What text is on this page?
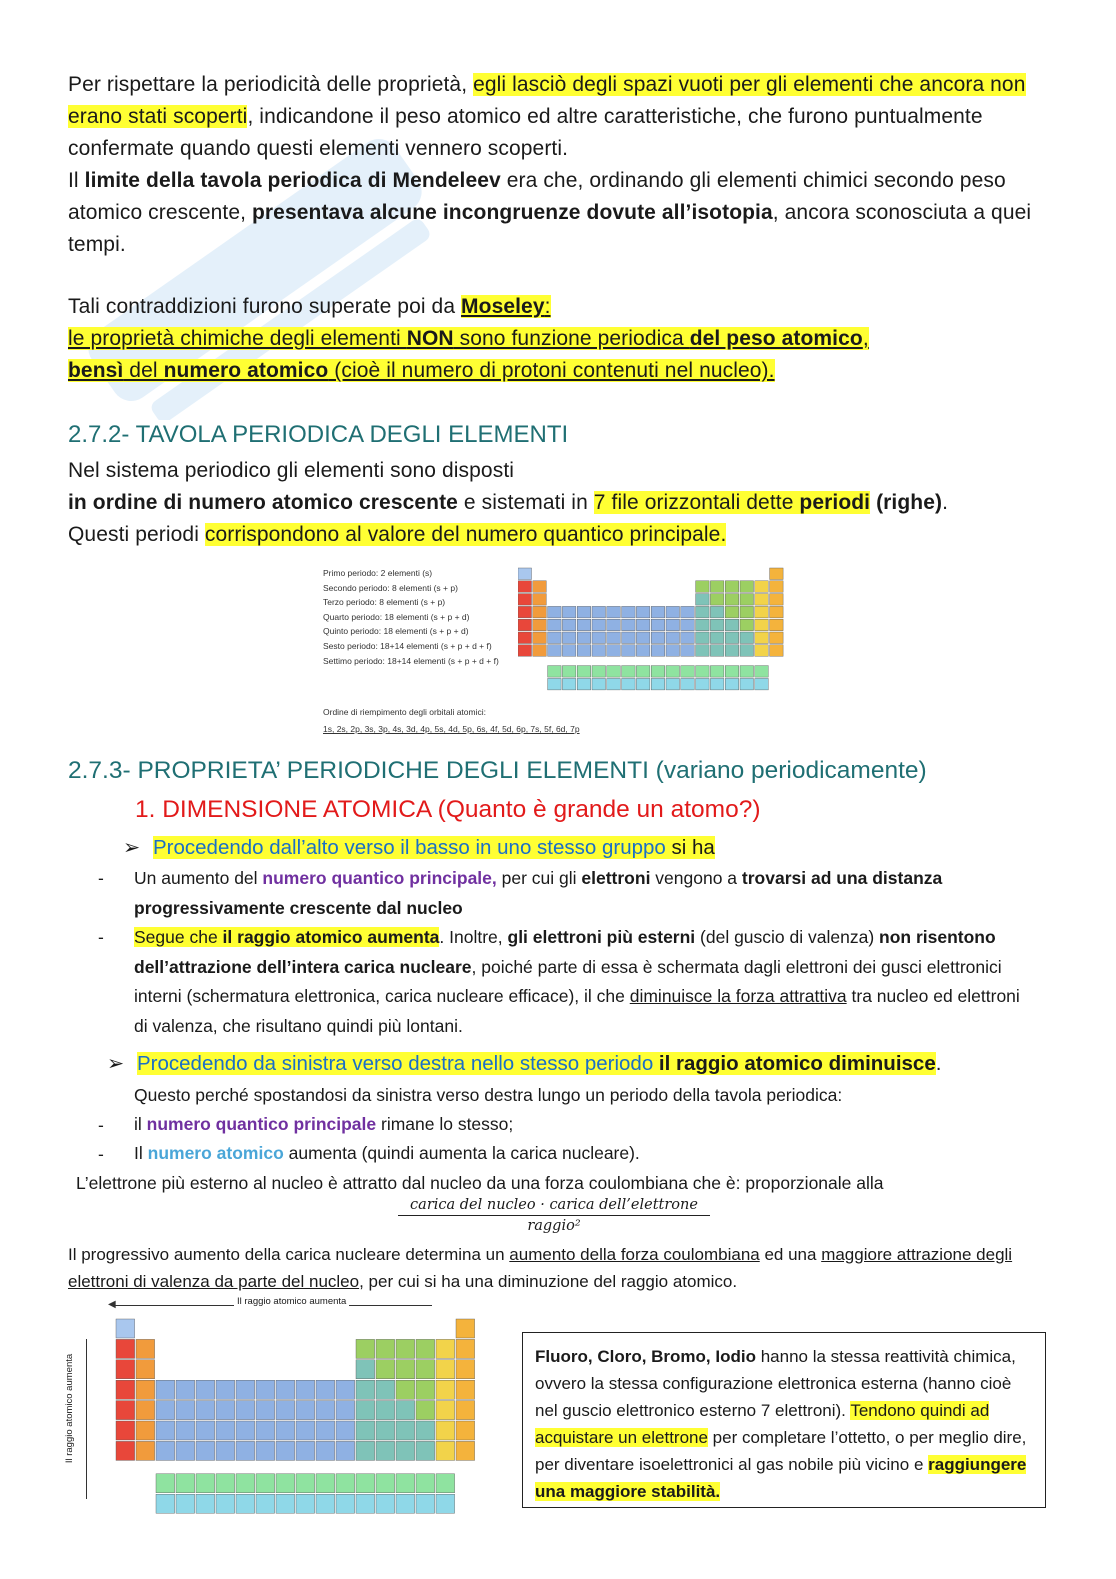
Per rispettare la periodicità delle proprietà, egli lasciò degli spazi vuoti per gli elementi che ancora non erano stati scoperti, indicandone il peso atomico ed altre caratteristiche, che furono puntualmente confermate quando questi elementi vennero scoperti.
Il limite della tavola periodica di Mendeleev era che, ordinando gli elementi chimici secondo peso atomico crescente, presentava alcune incongruenze dovute all’isotopia, ancora sconosciuta a quei tempi.
Tali contraddizioni furono superate poi da Moseley:
le proprietà chimiche degli elementi NON sono funzione periodica del peso atomico,
bensì del numero atomico (cioè il numero di protoni contenuti nel nucleo).
2.7.2- TAVOLA PERIODICA DEGLI ELEMENTI
Nel sistema periodico gli elementi sono disposti
in ordine di numero atomico crescente e sistemati in 7 file orizzontali dette periodi (righe).
Questi periodi corrispondono al valore del numero quantico principale.
Primo periodo: 2 elementi (s)
Secondo periodo: 8 elementi (s + p)
Terzo periodo: 8 elementi (s + p)
Quarto periodo: 18 elementi (s + p + d)
Quinto periodo: 18 elementi (s + p + d)
Sesto periodo: 18+14 elementi (s + p + d + f)
Settimo periodo: 18+14 elementi (s + p + d + f)
Ordine di riempimento degli orbitali atomici:
1s, 2s, 2p, 3s, 3p, 4s, 3d, 4p, 5s, 4d, 5p, 6s, 4f, 5d, 6p, 7s, 5f, 6d, 7p
2.7.3- PROPRIETA’ PERIODICHE DEGLI ELEMENTI (variano periodicamente)
1. DIMENSIONE ATOMICA (Quanto è grande un atomo?)
➢ Procedendo dall’alto verso il basso in uno stesso gruppo si ha
- Un aumento del numero quantico principale, per cui gli elettroni vengono a trovarsi ad una distanza progressivamente crescente dal nucleo
- Segue che il raggio atomico aumenta. Inoltre, gli elettroni più esterni (del guscio di valenza) non risentono dell’attrazione dell’intera carica nucleare, poiché parte di essa è schermata dagli elettroni dei gusci elettronici interni (schermatura elettronica, carica nucleare efficace), il che diminuisce la forza attrattiva tra nucleo ed elettroni di valenza, che risultano quindi più lontani.
➢ Procedendo da sinistra verso destra nello stesso periodo il raggio atomico diminuisce.
Questo perché spostandosi da sinistra verso destra lungo un periodo della tavola periodica:
- il numero quantico principale rimane lo stesso;
- Il numero atomico aumenta (quindi aumenta la carica nucleare).
L’elettrone più esterno al nucleo è attratto dal nucleo da una forza coulombiana che è: proporzionale alla
carica del nucleo · carica dell’elettrone
raggio²
Il progressivo aumento della carica nucleare determina un aumento della forza coulombiana ed una maggiore attrazione degli elettroni di valenza da parte del nucleo, per cui si ha una diminuzione del raggio atomico.
◀	Il raggio atomico aumenta
Il raggio atomico aumenta	Fluoro, Cloro, Bromo, Iodio hanno la stessa reattività chimica, ovvero la stessa configurazione elettronica esterna (hanno cioè nel guscio elettronico esterno 7 elettroni). Tendono quindi ad acquistare un elettrone per completare l’ottetto, o per meglio dire, per diventare isoelettronici al gas nobile più vicino e raggiungere una maggiore stabilità.
